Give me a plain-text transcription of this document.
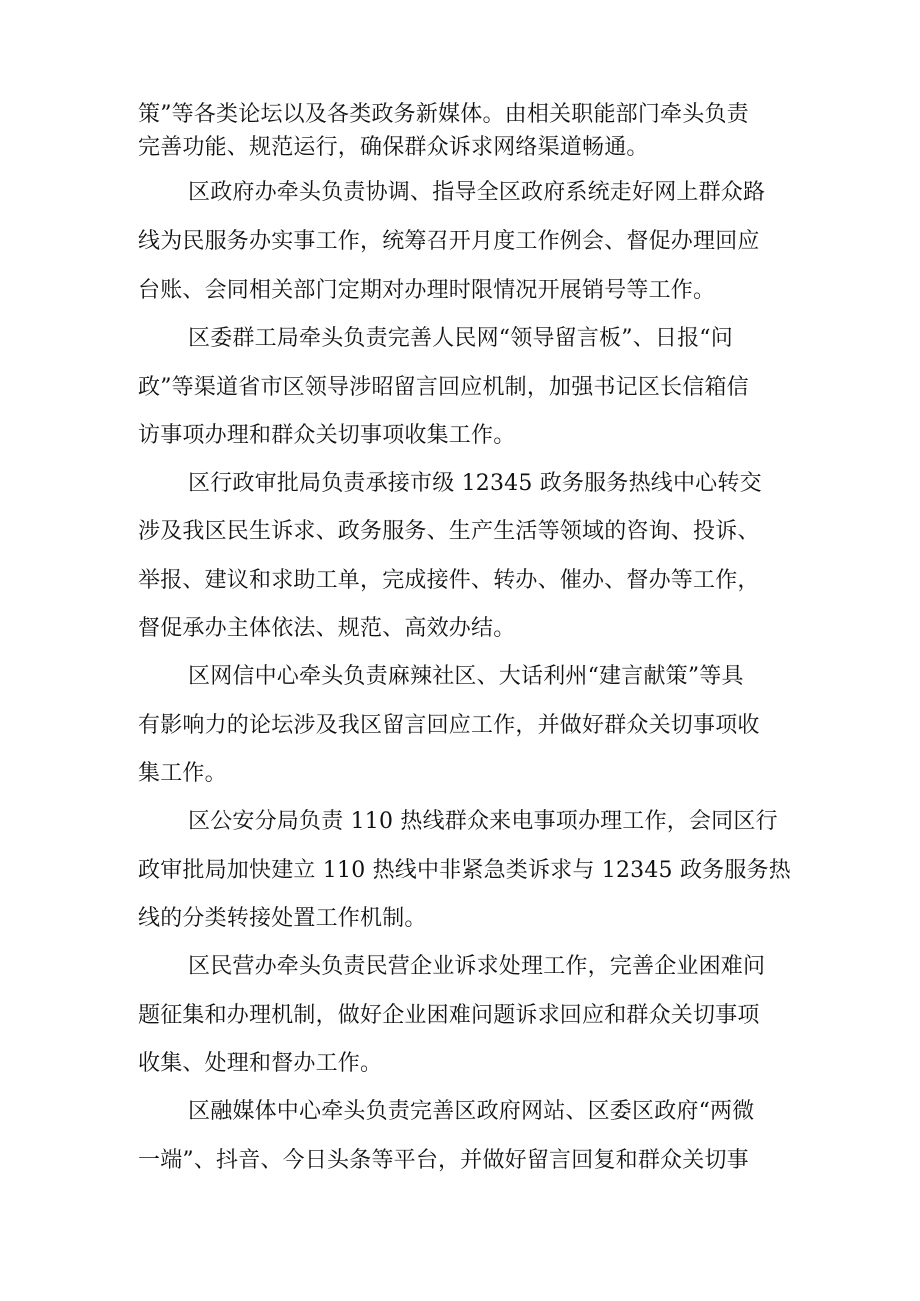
策”等各类论坛以及各类政务新媒体。由相关职能部门牵头负责
完善功能、规范运行，确保群众诉求网络渠道畅通。
区政府办牵头负责协调、指导全区政府系统走好网上群众路
线为民服务办实事工作，统筹召开月度工作例会、督促办理回应
台账、会同相关部门定期对办理时限情况开展销号等工作。
区委群工局牵头负责完善人民网“领导留言板”、日报“问
政”等渠道省市区领导涉昭留言回应机制，加强书记区长信箱信
访事项办理和群众关切事项收集工作。
区行政审批局负责承接市级 12345 政务服务热线中心转交
涉及我区民生诉求、政务服务、生产生活等领域的咨询、投诉、
举报、建议和求助工单，完成接件、转办、催办、督办等工作，
督促承办主体依法、规范、高效办结。
区网信中心牵头负责麻辣社区、大话利州“建言献策”等具
有影响力的论坛涉及我区留言回应工作，并做好群众关切事项收
集工作。
区公安分局负责 110 热线群众来电事项办理工作，会同区行
政审批局加快建立 110 热线中非紧急类诉求与 12345 政务服务热
线的分类转接处置工作机制。
区民营办牵头负责民营企业诉求处理工作，完善企业困难问
题征集和办理机制，做好企业困难问题诉求回应和群众关切事项
收集、处理和督办工作。
区融媒体中心牵头负责完善区政府网站、区委区政府“两微
一端”、抖音、今日头条等平台，并做好留言回复和群众关切事
